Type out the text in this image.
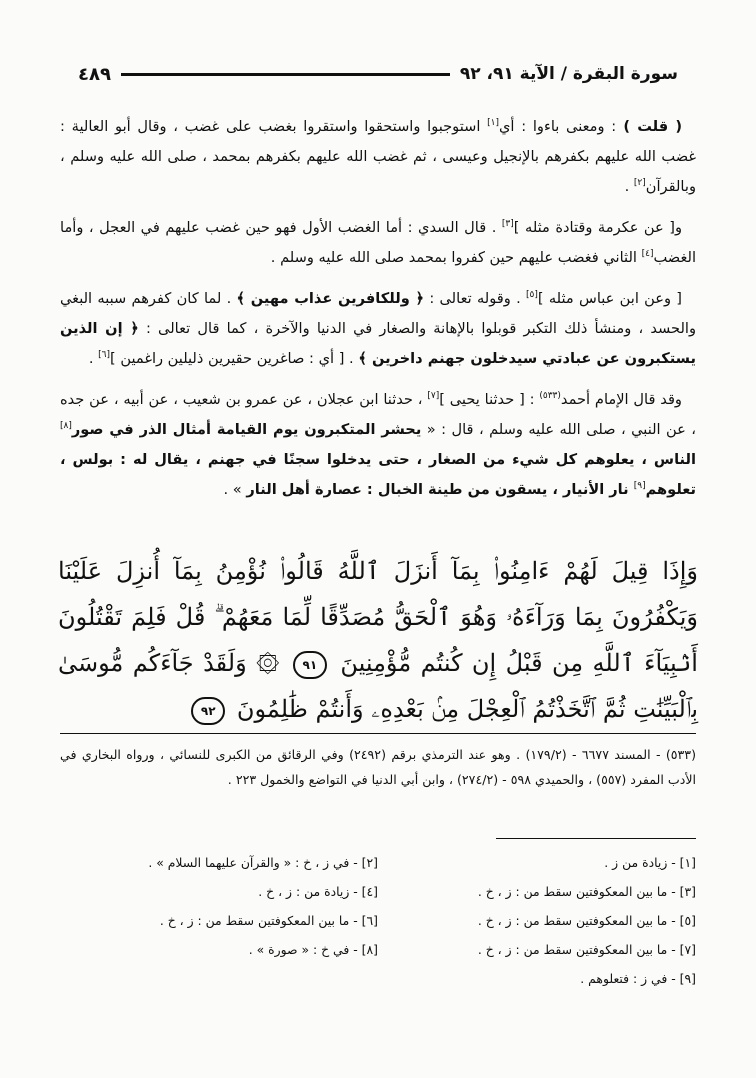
سورة البقرة / الآية ٩١، ٩٢
٤٨٩

( قلت ) : ومعنى باءوا : أي[١] استوجبوا واستحقوا واستقروا بغضب على غضب ، وقال أبو العالية : غضب الله عليهم بكفرهم بالإنجيل وعيسى ، ثم غضب الله عليهم بكفرهم بمحمد ، صلى الله عليه وسلم ، وبالقرآن[٢] .

و[ عن عكرمة وقتادة مثله ][٣] . قال السدي : أما الغضب الأول فهو حين غضب عليهم في العجل ، وأما الغضب[٤] الثاني فغضب عليهم حين كفروا بمحمد صلى الله عليه وسلم .

[ وعن ابن عباس مثله ][٥] . وقوله تعالى : ﴿ وللكافرين عذاب مهين ﴾ . لما كان كفرهم سببه البغي والحسد ، ومنشأ ذلك التكبر قوبلوا بالإهانة والصغار في الدنيا والآخرة ، كما قال تعالى : ﴿ إن الذين يستكبرون عن عبادتي سيدخلون جهنم داخرين ﴾ . [ أي : صاغرين حقيرين ذليلين راغمين ][٦] .

وقد قال الإمام أحمد$^{(٥٣٣)}$ : [ حدثنا يحيى ][٧] ، حدثنا ابن عجلان ، عن عمرو بن شعيب ، عن أبيه ، عن جده ، عن النبي ، صلى الله عليه وسلم ، قال : « يحشر المتكبرون يوم القيامة أمثال الذر في صور[٨] الناس ، يعلوهم كل شيء من الصغار ، حتى يدخلوا سجنًا في جهنم ، يقال له : بولس ، تعلوهم[٩] نار الأنيار ، يسقون من طينة الخبال : عصارة أهل النار » .

وَإِذَا قِيلَ لَهُمْ ءَامِنُوا۟ بِمَآ أَنزَلَ ٱللَّهُ قَالُوا۟ نُؤْمِنُ بِمَآ أُنزِلَ عَلَيْنَا وَيَكْفُرُونَ بِمَا وَرَآءَهُۥ وَهُوَ ٱلْحَقُّ مُصَدِّقًا لِّمَا مَعَهُمْ ۗ قُلْ فَلِمَ تَقْتُلُونَ أَنۢبِيَآءَ ٱللَّهِ مِن قَبْلُ إِن كُنتُم مُّؤْمِنِينَ ٩١ ۞ وَلَقَدْ جَآءَكُم مُّوسَىٰ بِٱلْبَيِّنَٰتِ ثُمَّ ٱتَّخَذْتُمُ ٱلْعِجْلَ مِنۢ بَعْدِهِۦ وَأَنتُمْ ظَٰلِمُونَ ٩٢
(٥٣٣) - المسند ٦٦٧٧ - (١٧٩/٢) . وهو عند الترمذي برقم (٢٤٩٢) وفي الرقائق من الكبرى للنسائي ، ورواه البخاري في الأدب المفرد (٥٥٧) ، والحميدي ٥٩٨ - (٢٧٤/٢) ، وابن أبي الدنيا في التواضع والخمول ٢٢٣ .
[١] - زيادة من ز .
[٢] - في ز ، خ : « والقرآن عليهما السلام » .
[٣] - ما بين المعكوفتين سقط من : ز ، خ .
[٤] - زيادة من : ز ، خ .
[٥] - ما بين المعكوفتين سقط من : ز ، خ .
[٦] - ما بين المعكوفتين سقط من : ز ، خ .
[٧] - ما بين المعكوفتين سقط من : ز ، خ .
[٨] - في خ : « صورة » .
[٩] - في ز : فتعلوهم .
